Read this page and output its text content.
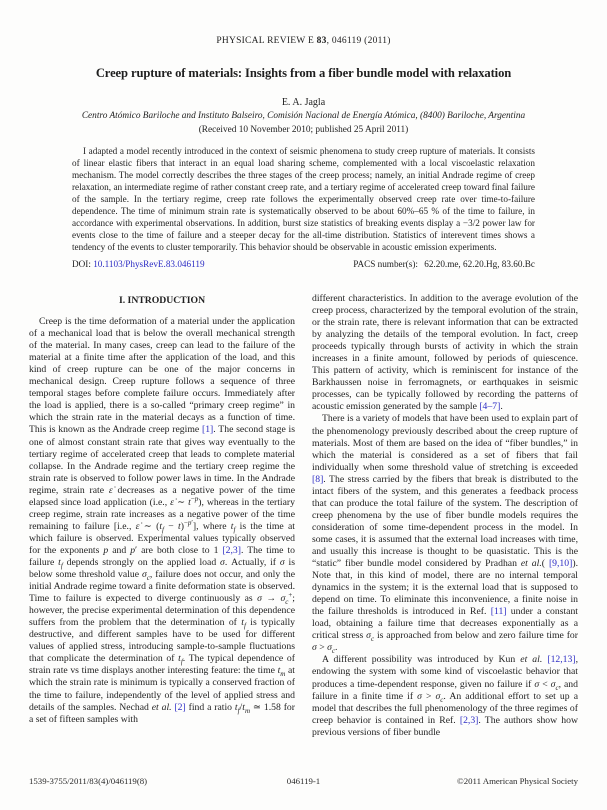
PHYSICAL REVIEW E 83, 046119 (2011)
Creep rupture of materials: Insights from a fiber bundle model with relaxation
E. A. Jagla
Centro Atómico Bariloche and Instituto Balseiro, Comisión Nacional de Energía Atómica, (8400) Bariloche, Argentina
(Received 10 November 2010; published 25 April 2011)
I adapted a model recently introduced in the context of seismic phenomena to study creep rupture of materials. It consists of linear elastic fibers that interact in an equal load sharing scheme, complemented with a local viscoelastic relaxation mechanism. The model correctly describes the three stages of the creep process; namely, an initial Andrade regime of creep relaxation, an intermediate regime of rather constant creep rate, and a tertiary regime of accelerated creep toward final failure of the sample. In the tertiary regime, creep rate follows the experimentally observed creep rate over time-to-failure dependence. The time of minimum strain rate is systematically observed to be about 60%–65 % of the time to failure, in accordance with experimental observations. In addition, burst size statistics of breaking events display a −3/2 power law for events close to the time of failure and a steeper decay for the all-time distribution. Statistics of interevent times shows a tendency of the events to cluster temporarily. This behavior should be observable in acoustic emission experiments.
DOI: 10.1103/PhysRevE.83.046119	PACS number(s): 62.20.me, 62.20.Hg, 83.60.Bc
I. INTRODUCTION

Creep is the time deformation of a material under the application of a mechanical load that is below the overall mechanical strength of the material. In many cases, creep can lead to the failure of the material at a finite time after the application of the load, and this kind of creep rupture can be one of the major concerns in mechanical design. Creep rupture follows a sequence of three temporal stages before complete failure occurs. Immediately after the load is applied, there is a so-called “primary creep regime” in which the strain rate in the material decays as a function of time. This is known as the Andrade creep regime [1]. The second stage is one of almost constant strain rate that gives way eventually to the tertiary regime of accelerated creep that leads to complete material collapse. In the Andrade regime and the tertiary creep regime the strain rate is observed to follow power laws in time. In the Andrade regime, strain rate ε̇ decreases as a negative power of the time elapsed since load application (i.e., ε̇ ∼ $t^{-p}$), whereas in the tertiary creep regime, strain rate increases as a negative power of the time remaining to failure [i.e., ε̇ ∼ $(t_f - t)^{-p'}$], where $t_f$ is the time at which failure is observed. Experimental values typically observed for the exponents p and p′ are both close to 1 [2,3]. The time to failure $t_f$ depends strongly on the applied load σ. Actually, if σ is below some threshold value $\sigma_c$, failure does not occur, and only the initial Andrade regime toward a finite deformation state is observed. Time to failure is expected to diverge continuously as $\sigma \to \sigma_c^+$; however, the precise experimental determination of this dependence suffers from the problem that the determination of $t_f$ is typically destructive, and different samples have to be used for different values of applied stress, introducing sample-to-sample fluctuations that complicate the determination of $t_f$. The typical dependence of strain rate vs time displays another interesting feature: the time $t_m$ at which the strain rate is minimum is typically a conserved fraction of the time to failure, independently of the level of applied stress and details of the samples. Nechad et al. [2] find a ratio $t_f/t_m$ ≃ 1.58 for a set of fifteen samples with

different characteristics. In addition to the average evolution of the creep process, characterized by the temporal evolution of the strain, or the strain rate, there is relevant information that can be extracted by analyzing the details of the temporal evolution. In fact, creep proceeds typically through bursts of activity in which the strain increases in a finite amount, followed by periods of quiescence. This pattern of activity, which is reminiscent for instance of the Barkhaussen noise in ferromagnets, or earthquakes in seismic processes, can be typically followed by recording the patterns of acoustic emission generated by the sample [4–7].

There is a variety of models that have been used to explain part of the phenomenology previously described about the creep rupture of materials. Most of them are based on the idea of “fiber bundles,” in which the material is considered as a set of fibers that fail individually when some threshold value of stretching is exceeded [8]. The stress carried by the fibers that break is distributed to the intact fibers of the system, and this generates a feedback process that can produce the total failure of the system. The description of creep phenomena by the use of fiber bundle models requires the consideration of some time-dependent process in the model. In some cases, it is assumed that the external load increases with time, and usually this increase is thought to be quasistatic. This is the “static” fiber bundle model considered by Pradhan et al.( [9,10]). Note that, in this kind of model, there are no internal temporal dynamics in the system; it is the external load that is supposed to depend on time. To eliminate this inconvenience, a finite noise in the failure thresholds is introduced in Ref. [11] under a constant load, obtaining a failure time that decreases exponentially as a critical stress $\sigma_c$ is approached from below and zero failure time for $\sigma > \sigma_c$.

A different possibility was introduced by Kun et al. [12,13], endowing the system with some kind of viscoelastic behavior that produces a time-dependent response, given no failure if $\sigma < \sigma_c$, and failure in a finite time if $\sigma > \sigma_c$. An additional effort to set up a model that describes the full phenomenology of the three regimes of creep behavior is contained in Ref. [2,3]. The authors show how previous versions of fiber bundle

1539-3755/2011/83(4)/046119(8)	046119-1	©2011 American Physical Society
